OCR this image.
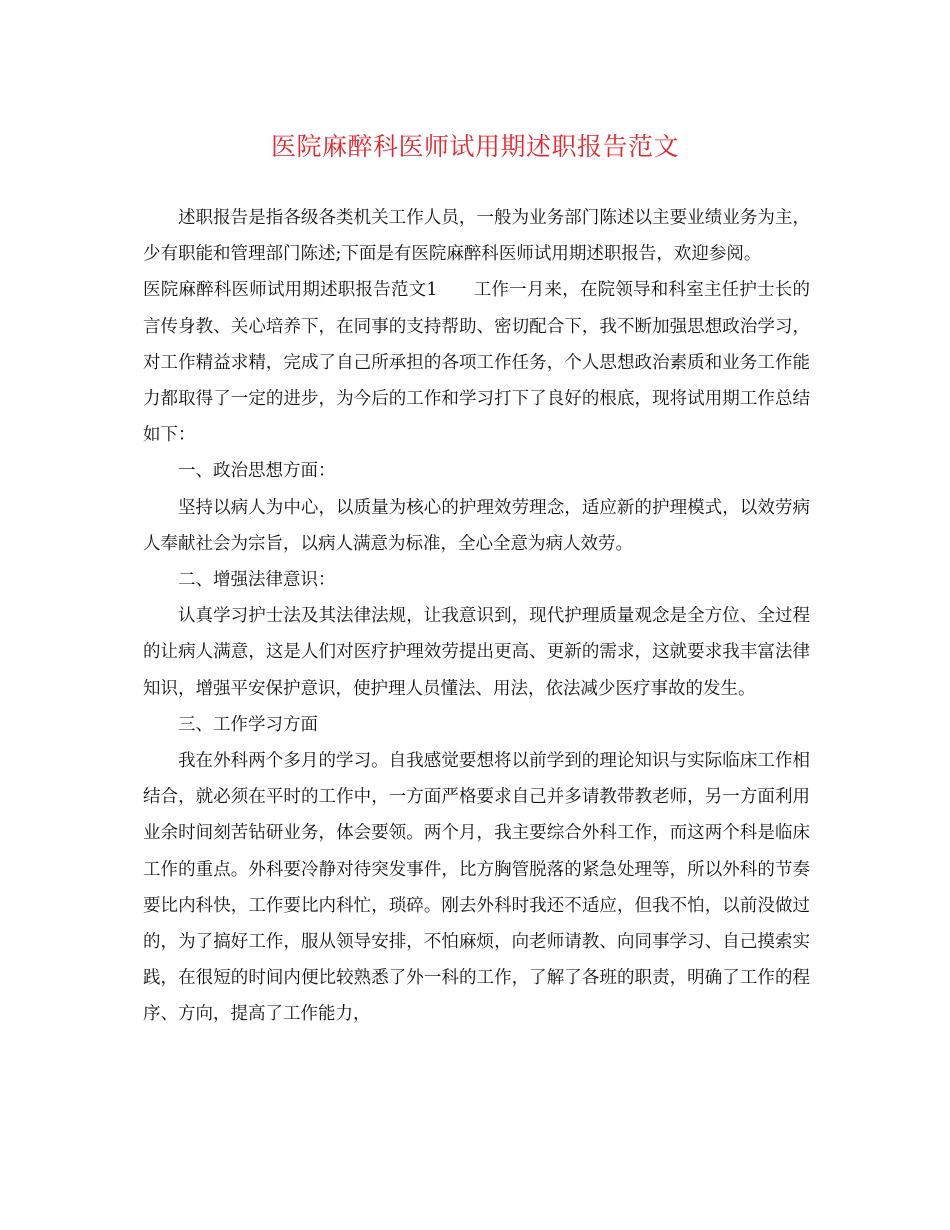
医院麻醉科医师试用期述职报告范文

述职报告是指各级各类机关工作人员，一般为业务部门陈述以主要业绩业务为主，少有职能和管理部门陈述;下面是有医院麻醉科医师试用期述职报告，欢迎参阅。

医院麻醉科医师试用期述职报告范文1 工作一月来，在院领导和科室主任护士长的言传身教、关心培养下，在同事的支持帮助、密切配合下，我不断加强思想政治学习，对工作精益求精，完成了自己所承担的各项工作任务，个人思想政治素质和业务工作能力都取得了一定的进步，为今后的工作和学习打下了良好的根底，现将试用期工作总结如下：

一、政治思想方面：

坚持以病人为中心，以质量为核心的护理效劳理念，适应新的护理模式，以效劳病人奉献社会为宗旨，以病人满意为标准，全心全意为病人效劳。

二、增强法律意识：

认真学习护士法及其法律法规，让我意识到，现代护理质量观念是全方位、全过程的让病人满意，这是人们对医疗护理效劳提出更高、更新的需求，这就要求我丰富法律知识，增强平安保护意识，使护理人员懂法、用法，依法减少医疗事故的发生。

三、工作学习方面

我在外科两个多月的学习。自我感觉要想将以前学到的理论知识与实际临床工作相结合，就必须在平时的工作中，一方面严格要求自己并多请教带教老师，另一方面利用业余时间刻苦钻研业务，体会要领。两个月，我主要综合外科工作，而这两个科是临床工作的重点。外科要冷静对待突发事件，比方胸管脱落的紧急处理等，所以外科的节奏要比内科快，工作要比内科忙，琐碎。刚去外科时我还不适应，但我不怕，以前没做过的，为了搞好工作，服从领导安排，不怕麻烦，向老师请教、向同事学习、自己摸索实践，在很短的时间内便比较熟悉了外一科的工作，了解了各班的职责，明确了工作的程序、方向，提高了工作能力，
